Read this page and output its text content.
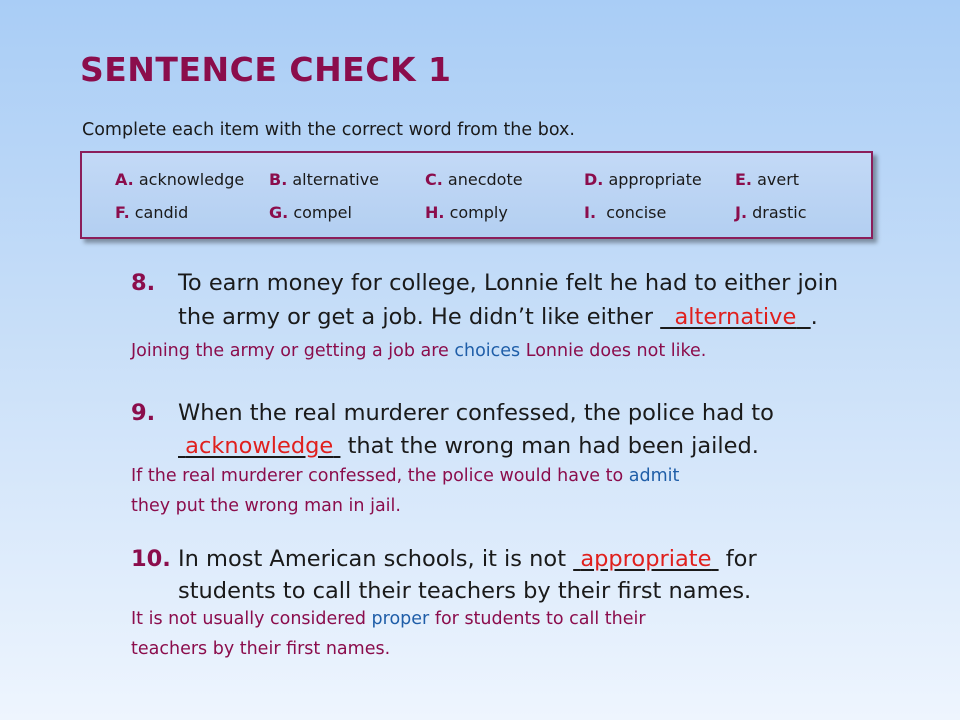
SENTENCE CHECK 1
Complete each item with the correct word from the box.
A. acknowledge B. alternative	C. anecdote	D. appropriate E. avert
F. candid	G. compel	H. comply	I. concise	J. drastic
8. To earn money for college, Lonnie felt he had to either join
the army or get a job. He didn’t like either   alternative .
Joining the army or getting a job are choices Lonnie does not like.
9. When the real murderer confessed, the police had to
acknowledge  that the wrong man had been jailed.
If the real murderer confessed, the police would have to admit
they put the wrong man in jail.
10. In most American schools, it is not  appropriate  for
students to call their teachers by their first names.
It is not usually considered proper for students to call their
teachers by their first names.
